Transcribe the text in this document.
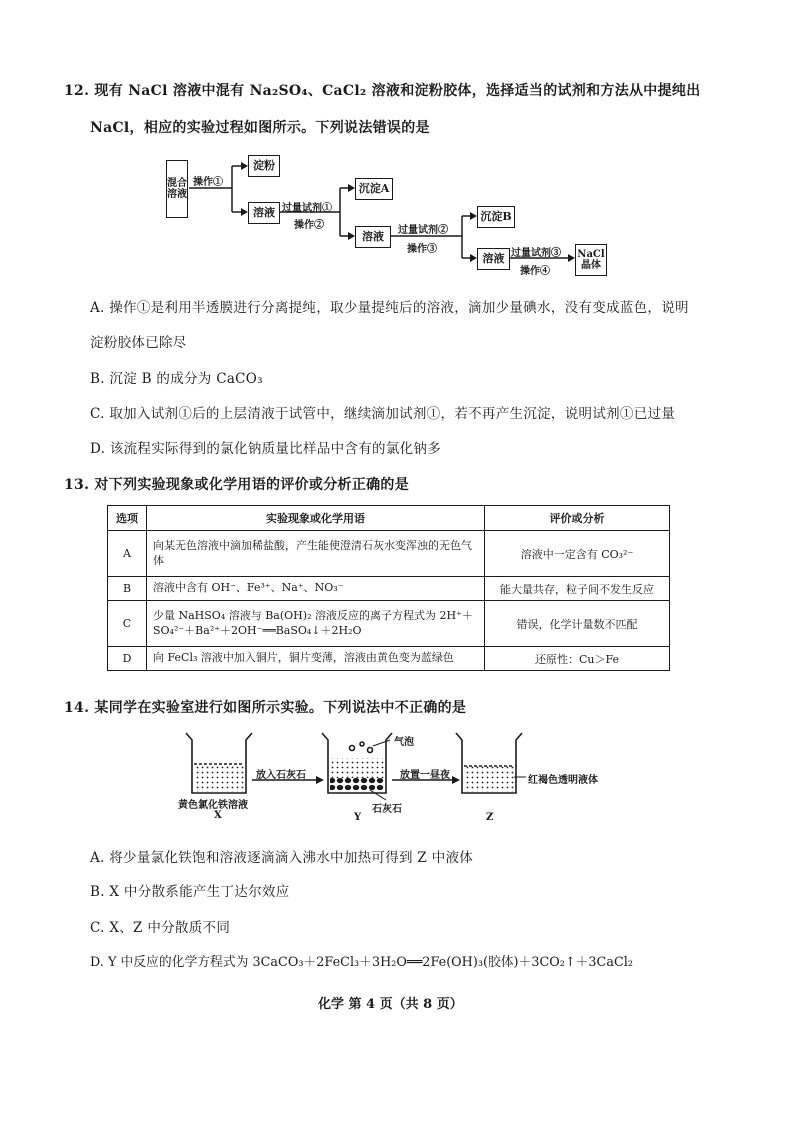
12. 现有 NaCl 溶液中混有 Na₂SO₄、CaCl₂ 溶液和淀粉胶体，选择适当的试剂和方法从中提纯出
NaCl，相应的实验过程如图所示。下列说法错误的是
混合溶液
操作①
淀粉
溶液 过量试剂①
操作②
沉淀A
溶液	过量试剂②
操作③
沉淀B
溶液 过量试剂③
操作④
NaCl晶体
A. 操作①是利用半透膜进行分离提纯，取少量提纯后的溶液，滴加少量碘水，没有变成蓝色，说明
淀粉胶体已除尽
B. 沉淀 B 的成分为 CaCO₃
C. 取加入试剂①后的上层清液于试管中，继续滴加试剂①，若不再产生沉淀，说明试剂①已过量
D. 该流程实际得到的氯化钠质量比样品中含有的氯化钠多
13. 对下列实验现象或化学用语的评价或分析正确的是
选项	实验现象或化学用语	评价或分析
A	向某无色溶液中滴加稀盐酸，产生能使澄清石灰水变浑浊的无色气体	溶液中一定含有 CO₃²⁻
B	溶液中含有 OH⁻、Fe³⁺、Na⁺、NO₃⁻	能大量共存，粒子间不发生反应
C	少量 NaHSO₄ 溶液与 Ba(OH)₂ 溶液反应的离子方程式为 2H⁺＋SO₄²⁻＋Ba²⁺＋2OH⁻══BaSO₄↓＋2H₂O	错误，化学计量数不匹配
D	向 FeCl₃ 溶液中加入铜片，铜片变薄，溶液由黄色变为蓝绿色	还原性：Cu＞Fe
14. 某同学在实验室进行如图所示实验。下列说法中不正确的是
放入石灰石	放置一昼夜
气泡
石灰石
黄色氯化铁溶液
红褐色透明液体
X	Y	Z
A. 将少量氯化铁饱和溶液逐滴滴入沸水中加热可得到 Z 中液体
B. X 中分散系能产生丁达尔效应
C. X、Z 中分散质不同
D. Y 中反应的化学方程式为 3CaCO₃＋2FeCl₃＋3H₂O══2Fe(OH)₃(胶体)＋3CO₂↑＋3CaCl₂
化学 第 4 页（共 8 页）
